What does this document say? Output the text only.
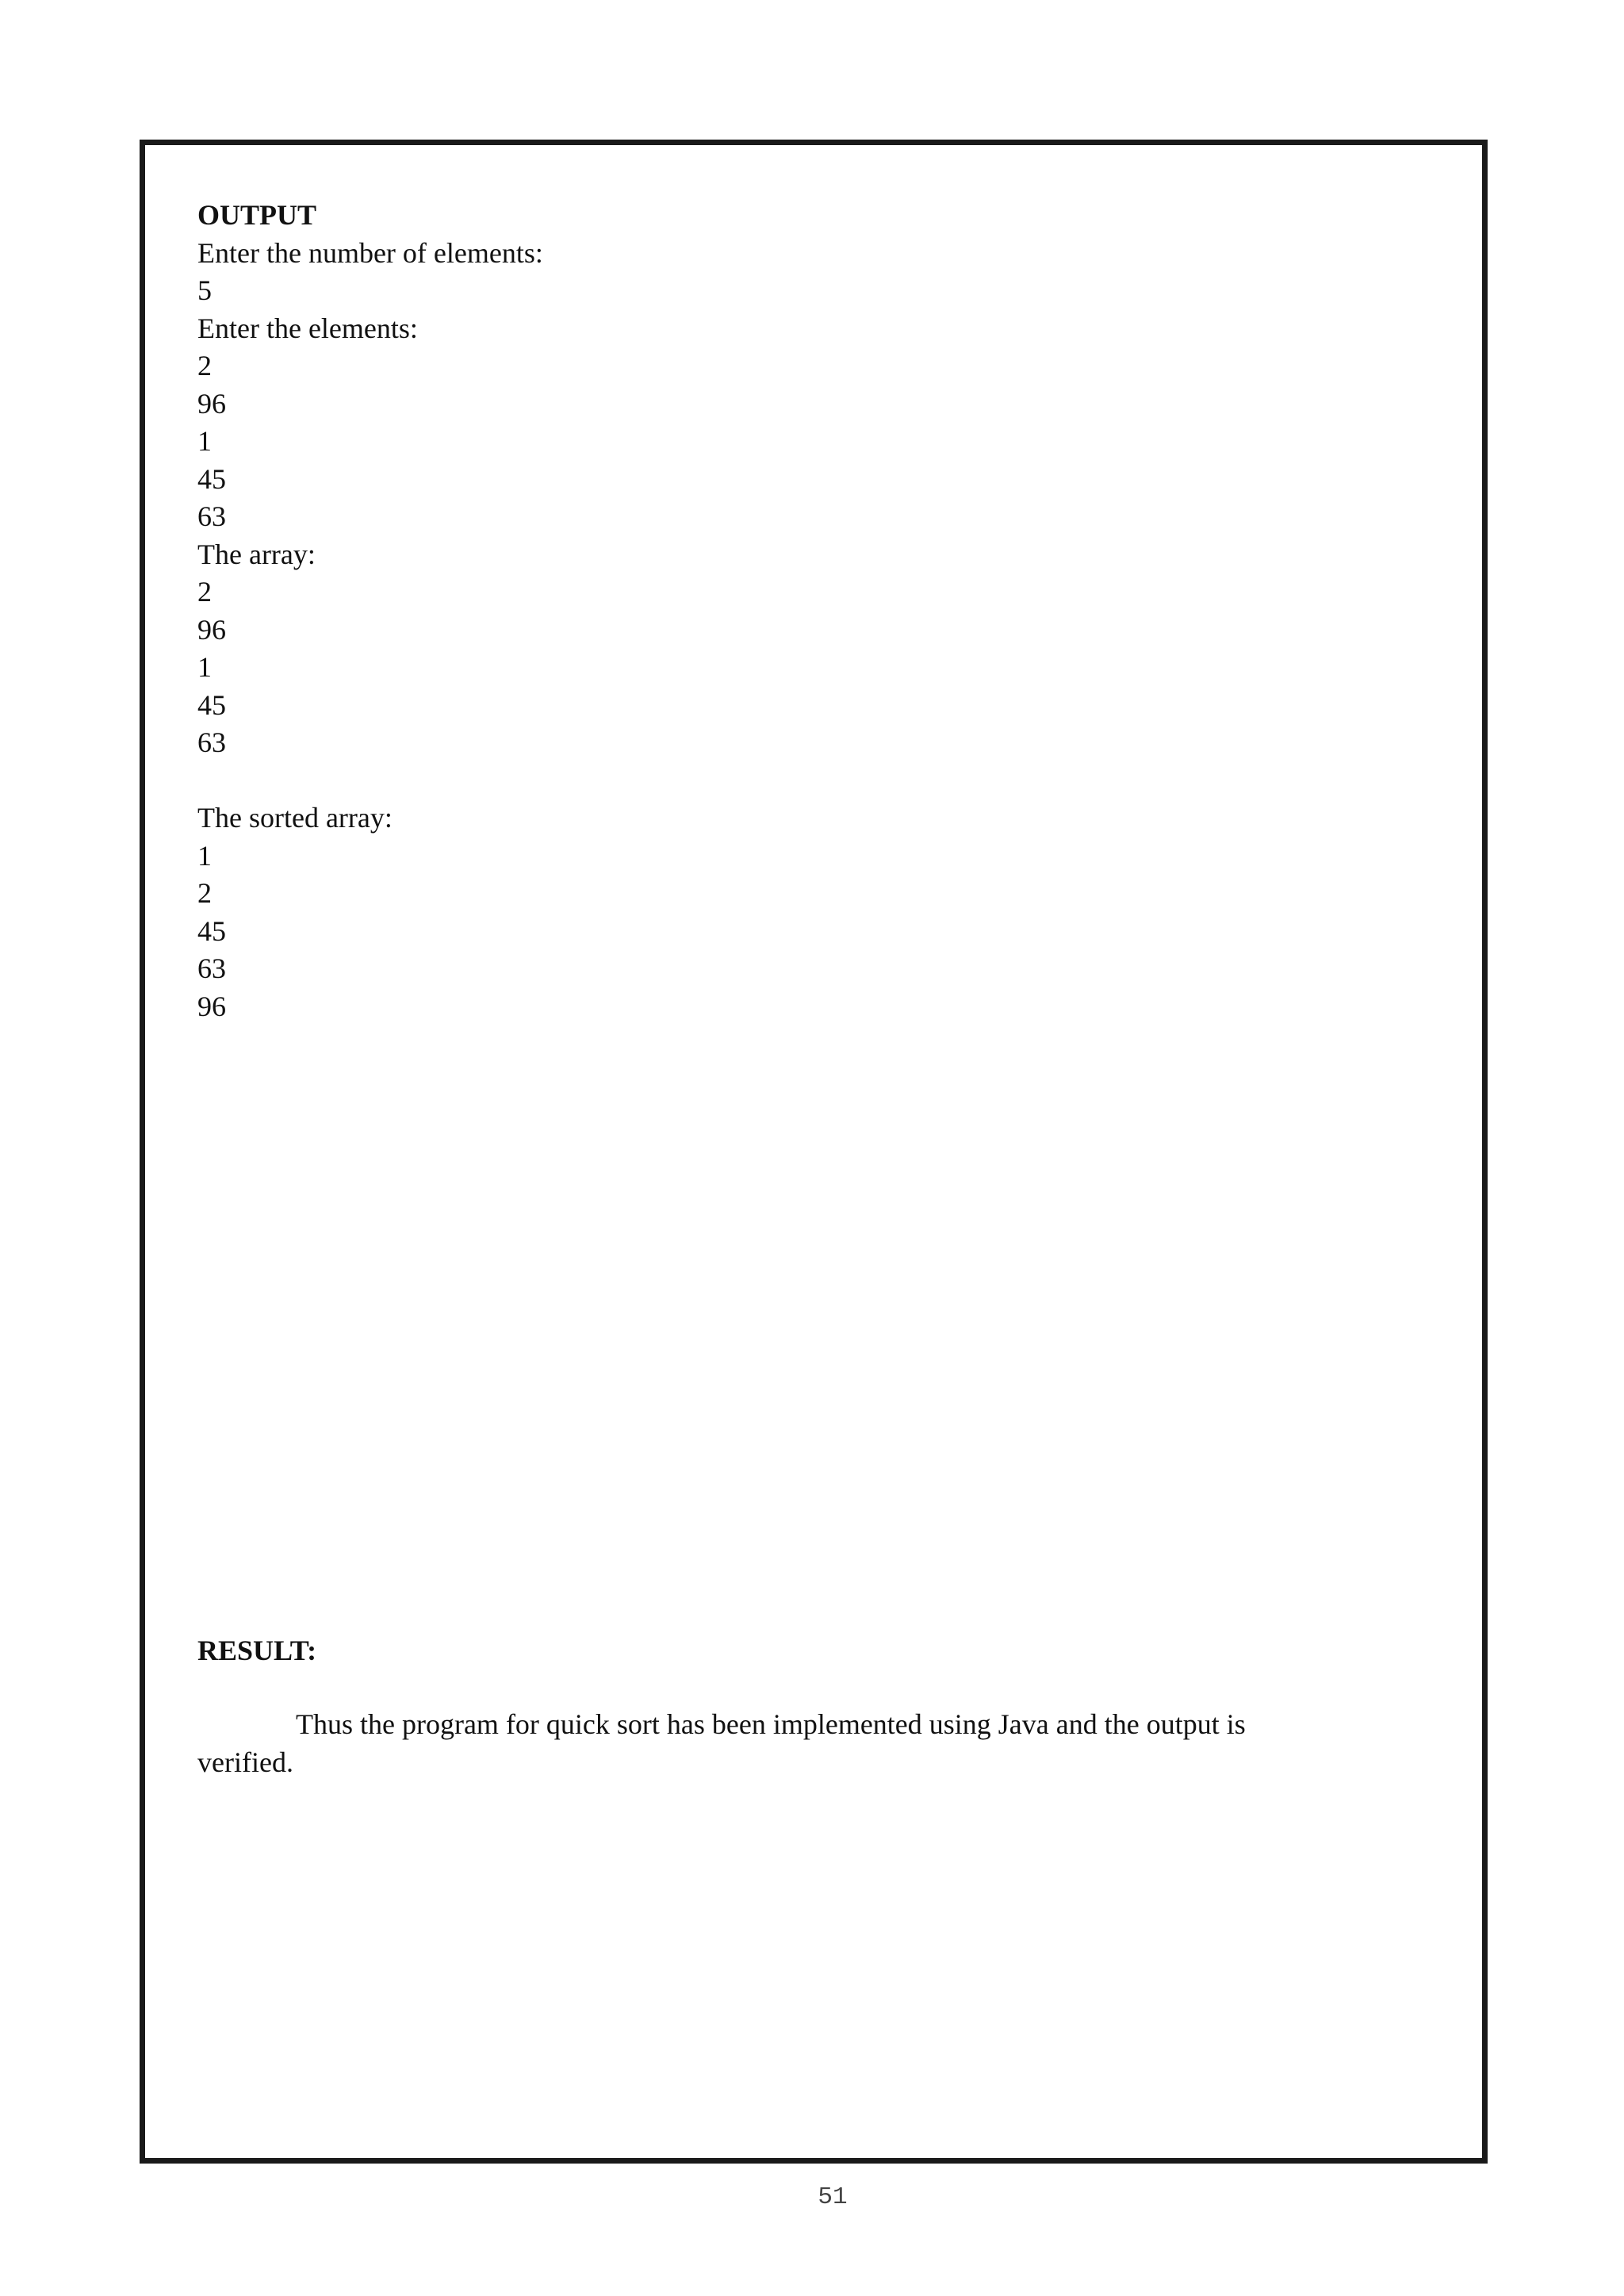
OUTPUT

Enter the number of elements:

5

Enter the elements:

2

96

1

45

63

The array:

2

96

1

45

63

The sorted array:

1

2

45

63

96

RESULT:

Thus the program for quick sort has been implemented using Java and the output is verified.

51
